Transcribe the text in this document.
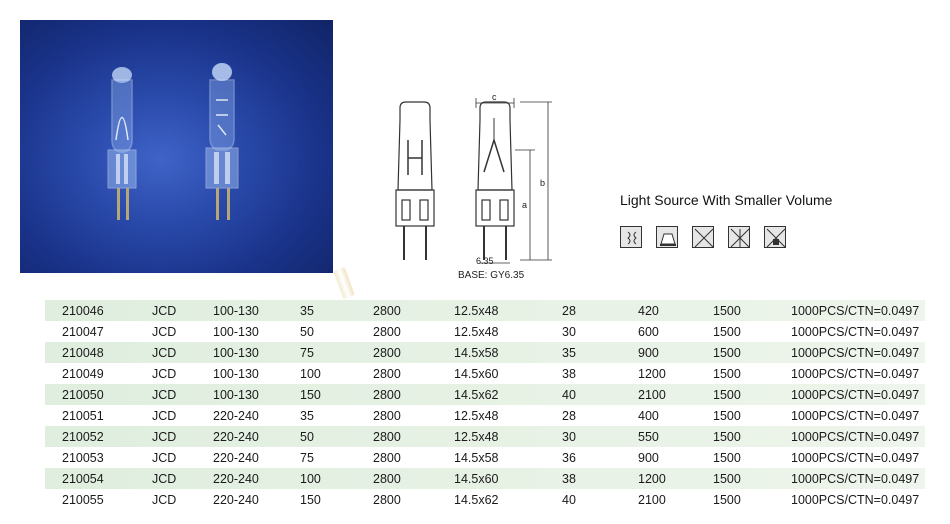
c
b
a
6.35
BASE: GY6.35
Light Source With Smaller Volume
210046	JCD	100-130	35	2800	12.5x48	28	420	1500	1000PCS/CTN=0.0497
210047	JCD	100-130	50	2800	12.5x48	30	600	1500	1000PCS/CTN=0.0497
210048	JCD	100-130	75	2800	14.5x58	35	900	1500	1000PCS/CTN=0.0497
210049	JCD	100-130	100	2800	14.5x60	38	1200	1500	1000PCS/CTN=0.0497
210050	JCD	100-130	150	2800	14.5x62	40	2100	1500	1000PCS/CTN=0.0497
210051	JCD	220-240	35	2800	12.5x48	28	400	1500	1000PCS/CTN=0.0497
210052	JCD	220-240	50	2800	12.5x48	30	550	1500	1000PCS/CTN=0.0497
210053	JCD	220-240	75	2800	14.5x58	36	900	1500	1000PCS/CTN=0.0497
210054	JCD	220-240	100	2800	14.5x60	38	1200	1500	1000PCS/CTN=0.0497
210055	JCD	220-240	150	2800	14.5x62	40	2100	1500	1000PCS/CTN=0.0497
